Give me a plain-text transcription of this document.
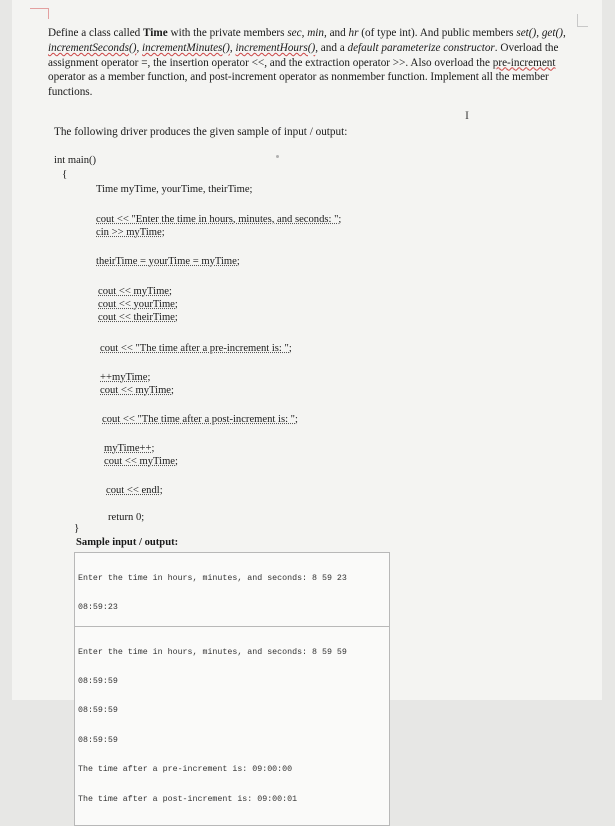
Define a class called Time with the private members sec, min, and hr (of type int). And public members set(), get(), incrementSeconds(), incrementMinutes(), incrementHours(), and a default parameterize constructor. Overload the assignment operator =, the insertion operator <<, and the extraction operator >>. Also overload the pre-increment operator as a member function, and post-increment operator as nonmember function. Implement all the member functions.
I
The following driver produces the given sample of input / output:
int main()
{
Time myTime, yourTime, theirTime;
cout << "Enter the time in hours, minutes, and seconds: ";
cin >> myTime;
theirTime = yourTime = myTime;
cout << myTime;
cout << yourTime;
cout << theirTime;
cout << "The time after a pre-increment is: ";
++myTime;
cout << myTime;
cout << "The time after a post-increment is: ";
myTime++;
cout << myTime;
cout << endl;
return 0;
}
Sample input / output:

Enter the time in hours, minutes, and seconds: 8 59 23

08:59:23

Enter the time in hours, minutes, and seconds: 8 59 59

08:59:59

08:59:59

08:59:59

The time after a pre-increment is: 09:00:00

The time after a post-increment is: 09:00:01
